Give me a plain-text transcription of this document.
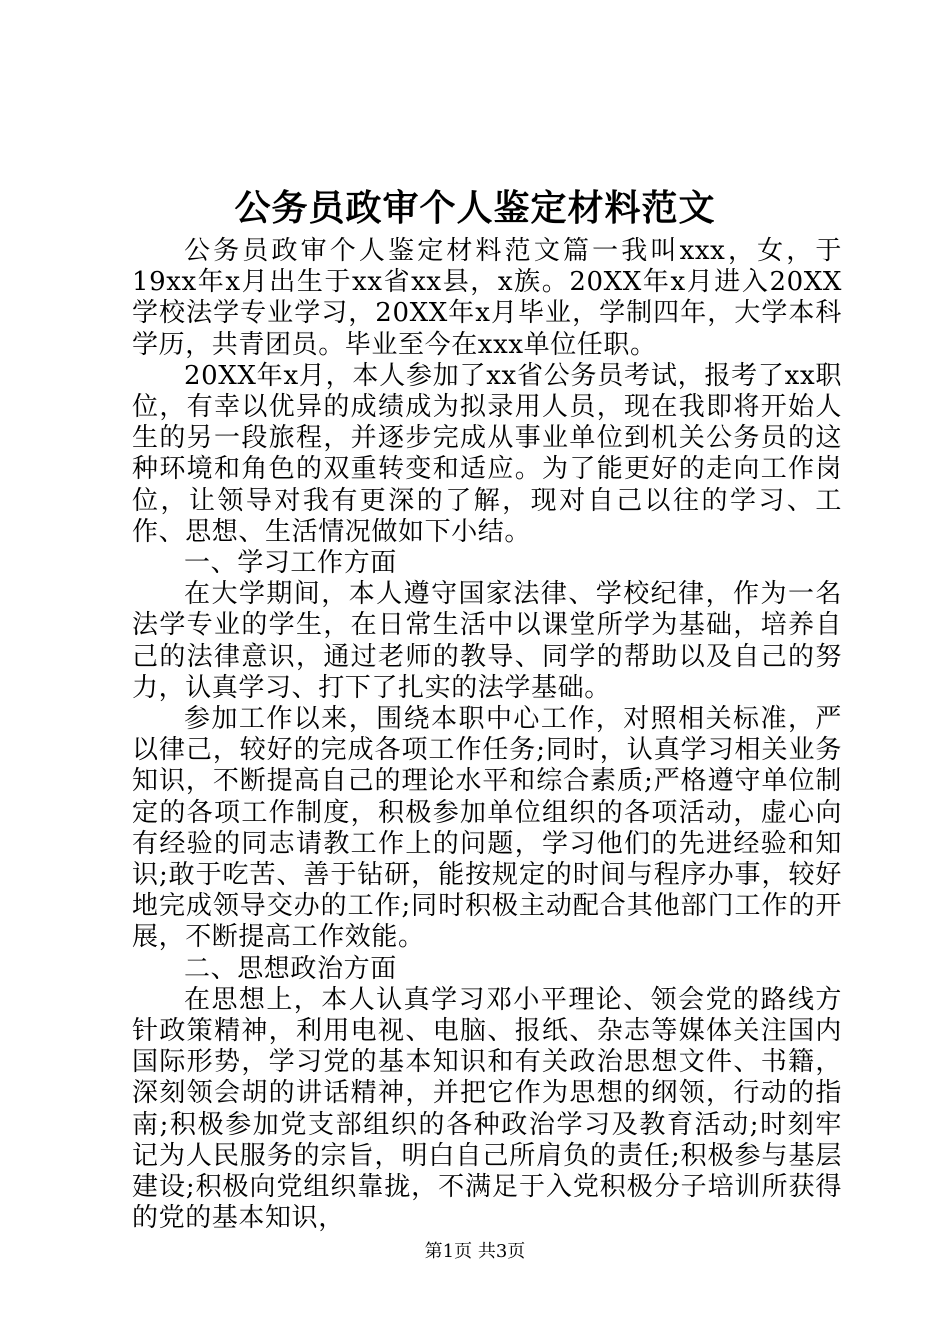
公务员政审个人鉴定材料范文

公务员政审个人鉴定材料范文篇一我叫xxx，女，于19xx年x月出生于xx省xx县，x族。20XX年x月进入20XX学校法学专业学习，20XX年x月毕业，学制四年，大学本科学历，共青团员。毕业至今在xxx单位任职。

20XX年x月，本人参加了xx省公务员考试，报考了xx职位，有幸以优异的成绩成为拟录用人员，现在我即将开始人生的另一段旅程，并逐步完成从事业单位到机关公务员的这种环境和角色的双重转变和适应。为了能更好的走向工作岗位，让领导对我有更深的了解，现对自己以往的学习、工作、思想、生活情况做如下小结。

一、学习工作方面

在大学期间，本人遵守国家法律、学校纪律，作为一名法学专业的学生，在日常生活中以课堂所学为基础，培养自己的法律意识，通过老师的教导、同学的帮助以及自己的努力，认真学习、打下了扎实的法学基础。

参加工作以来，围绕本职中心工作，对照相关标准，严以律己，较好的完成各项工作任务;同时，认真学习相关业务知识，不断提高自己的理论水平和综合素质;严格遵守单位制定的各项工作制度，积极参加单位组织的各项活动，虚心向有经验的同志请教工作上的问题，学习他们的先进经验和知识;敢于吃苦、善于钻研，能按规定的时间与程序办事，较好地完成领导交办的工作;同时积极主动配合其他部门工作的开展，不断提高工作效能。

二、思想政治方面

在思想上，本人认真学习邓小平理论、领会党的路线方针政策精神，利用电视、电脑、报纸、杂志等媒体关注国内国际形势，学习党的基本知识和有关政治思想文件、书籍，深刻领会胡的讲话精神，并把它作为思想的纲领，行动的指南;积极参加党支部组织的各种政治学习及教育活动;时刻牢记为人民服务的宗旨，明白自己所肩负的责任;积极参与基层建设;积极向党组织靠拢，不满足于入党积极分子培训所获得的党的基本知识，

第1页 共3页
